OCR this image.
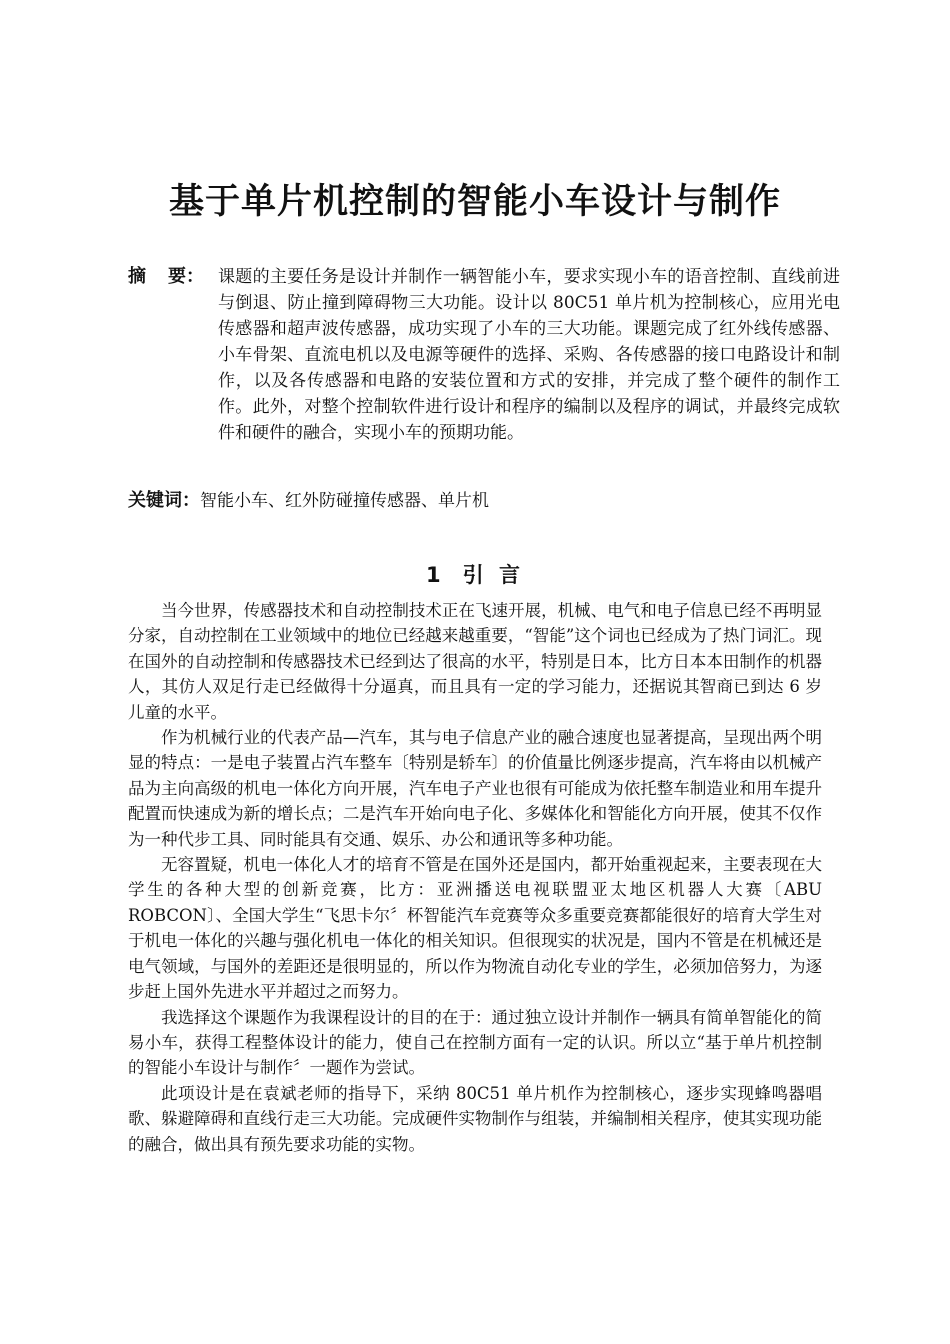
基于单片机控制的智能小车设计与制作
摘 要： 课题的主要任务是设计并制作一辆智能小车，要求实现小车的语音控制、直线前进与倒退、防止撞到障碍物三大功能。设计以 80C51 单片机为控制核心，应用光电传感器和超声波传感器，成功实现了小车的三大功能。课题完成了红外线传感器、小车骨架、直流电机以及电源等硬件的选择、采购、各传感器的接口电路设计和制作，以及各传感器和电路的安装位置和方式的安排，并完成了整个硬件的制作工作。此外，对整个控制软件进行设计和程序的编制以及程序的调试，并最终完成软件和硬件的融合，实现小车的预期功能。

关键词：智能小车、红外防碰撞传感器、单片机
1 引 言

当今世界，传感器技术和自动控制技术正在飞速开展，机械、电气和电子信息已经不再明显分家，自动控制在工业领域中的地位已经越来越重要，“智能”这个词也已经成为了热门词汇。现在国外的自动控制和传感器技术已经到达了很高的水平，特别是日本，比方日本本田制作的机器人，其仿人双足行走已经做得十分逼真，而且具有一定的学习能力，还据说其智商已到达 6 岁儿童的水平。

作为机械行业的代表产品—汽车，其与电子信息产业的融合速度也显著提高，呈现出两个明显的特点：一是电子装置占汽车整车〔特别是轿车〕的价值量比例逐步提高，汽车将由以机械产品为主向高级的机电一体化方向开展，汽车电子产业也很有可能成为依托整车制造业和用车提升配置而快速成为新的增长点；二是汽车开始向电子化、多媒体化和智能化方向开展，使其不仅作为一种代步工具、同时能具有交通、娱乐、办公和通讯等多种功能。

无容置疑，机电一体化人才的培育不管是在国外还是国内，都开始重视起来，主要表现在大学生的各种大型的创新竞赛，比方：亚洲播送电视联盟亚太地区机器人大赛〔ABU ROBCON〕、全国大学生“飞思卡尔〞杯智能汽车竞赛等众多重要竞赛都能很好的培育大学生对于机电一体化的兴趣与强化机电一体化的相关知识。但很现实的状况是，国内不管是在机械还是电气领域，与国外的差距还是很明显的，所以作为物流自动化专业的学生，必须加倍努力，为逐步赶上国外先进水平并超过之而努力。

我选择这个课题作为我课程设计的目的在于：通过独立设计并制作一辆具有简单智能化的简易小车，获得工程整体设计的能力，使自己在控制方面有一定的认识。所以立“基于单片机控制的智能小车设计与制作〞一题作为尝试。

此项设计是在袁斌老师的指导下，采纳 80C51 单片机作为控制核心，逐步实现蜂鸣器唱歌、躲避障碍和直线行走三大功能。完成硬件实物制作与组装，并编制相关程序，使其实现功能的融合，做出具有预先要求功能的实物。
